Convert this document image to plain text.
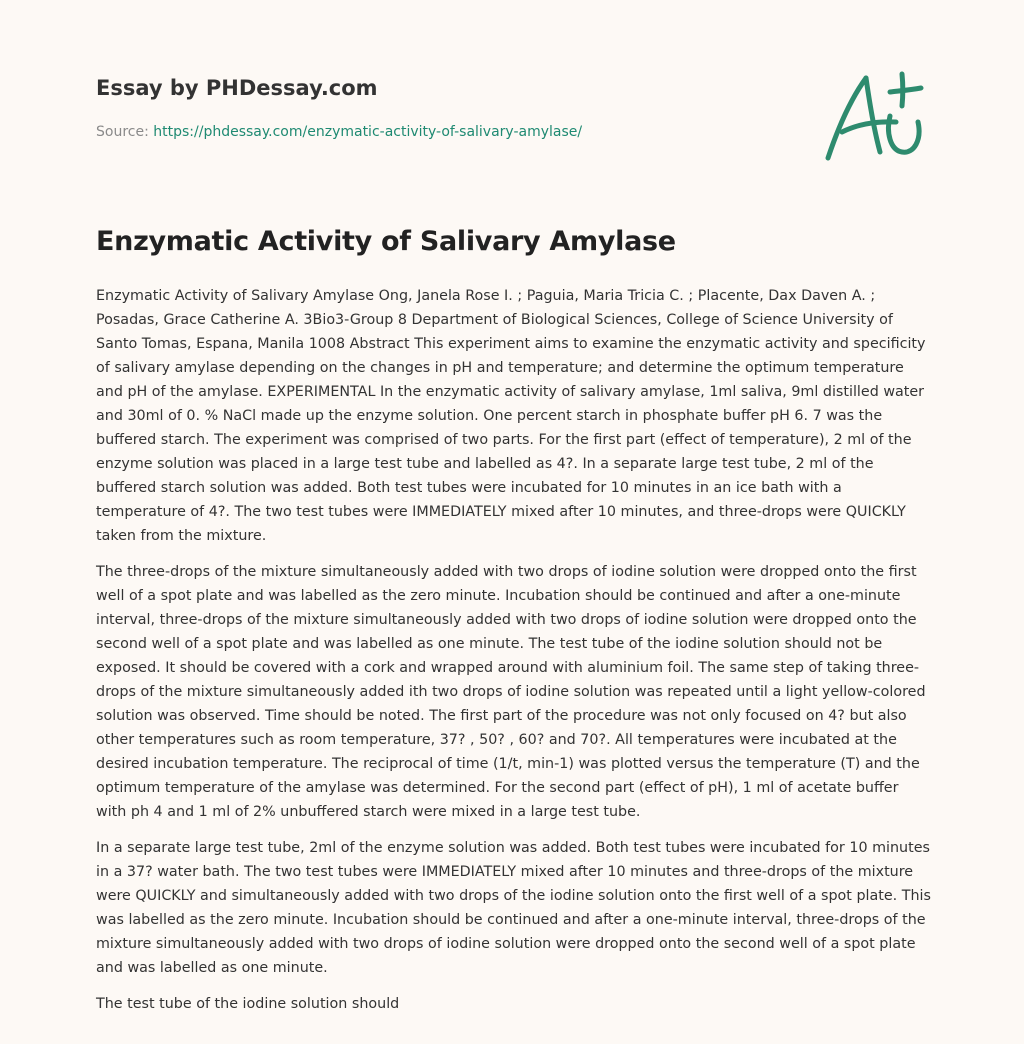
Essay by PHDessay.com
Source: https://phdessay.com/enzymatic-activity-of-salivary-amylase/
Enzymatic Activity of Salivary Amylase

Enzymatic Activity of Salivary Amylase Ong, Janela Rose I. ; Paguia, Maria Tricia C. ; Placente, Dax Daven A. ; Posadas, Grace Catherine A. 3Bio3-Group 8 Department of Biological Sciences, College of Science University of Santo Tomas, Espana, Manila 1008 Abstract This experiment aims to examine the enzymatic activity and specificity of salivary amylase depending on the changes in pH and temperature; and determine the optimum temperature and pH of the amylase. EXPERIMENTAL In the enzymatic activity of salivary amylase, 1ml saliva, 9ml distilled water and 30ml of 0. % NaCl made up the enzyme solution. One percent starch in phosphate buffer pH 6. 7 was the buffered starch. The experiment was comprised of two parts. For the first part (effect of temperature), 2 ml of the enzyme solution was placed in a large test tube and labelled as 4?. In a separate large test tube, 2 ml of the buffered starch solution was added. Both test tubes were incubated for 10 minutes in an ice bath with a temperature of 4?. The two test tubes were IMMEDIATELY mixed after 10 minutes, and three-drops were QUICKLY taken from the mixture.

The three-drops of the mixture simultaneously added with two drops of iodine solution were dropped onto the first well of a spot plate and was labelled as the zero minute. Incubation should be continued and after a one-minute interval, three-drops of the mixture simultaneously added with two drops of iodine solution were dropped onto the second well of a spot plate and was labelled as one minute. The test tube of the iodine solution should not be exposed. It should be covered with a cork and wrapped around with aluminium foil. The same step of taking three-drops of the mixture simultaneously added ith two drops of iodine solution was repeated until a light yellow-colored solution was observed. Time should be noted. The first part of the procedure was not only focused on 4? but also other temperatures such as room temperature, 37? , 50? , 60? and 70?. All temperatures were incubated at the desired incubation temperature. The reciprocal of time (1/t, min-1) was plotted versus the temperature (T) and the optimum temperature of the amylase was determined. For the second part (effect of pH), 1 ml of acetate buffer with ph 4 and 1 ml of 2% unbuffered starch were mixed in a large test tube.

In a separate large test tube, 2ml of the enzyme solution was added. Both test tubes were incubated for 10 minutes in a 37? water bath. The two test tubes were IMMEDIATELY mixed after 10 minutes and three-drops of the mixture were QUICKLY and simultaneously added with two drops of the iodine solution onto the first well of a spot plate. This was labelled as the zero minute. Incubation should be continued and after a one-minute interval, three-drops of the mixture simultaneously added with two drops of iodine solution were dropped onto the second well of a spot plate and was labelled as one minute.

The test tube of the iodine solution should
